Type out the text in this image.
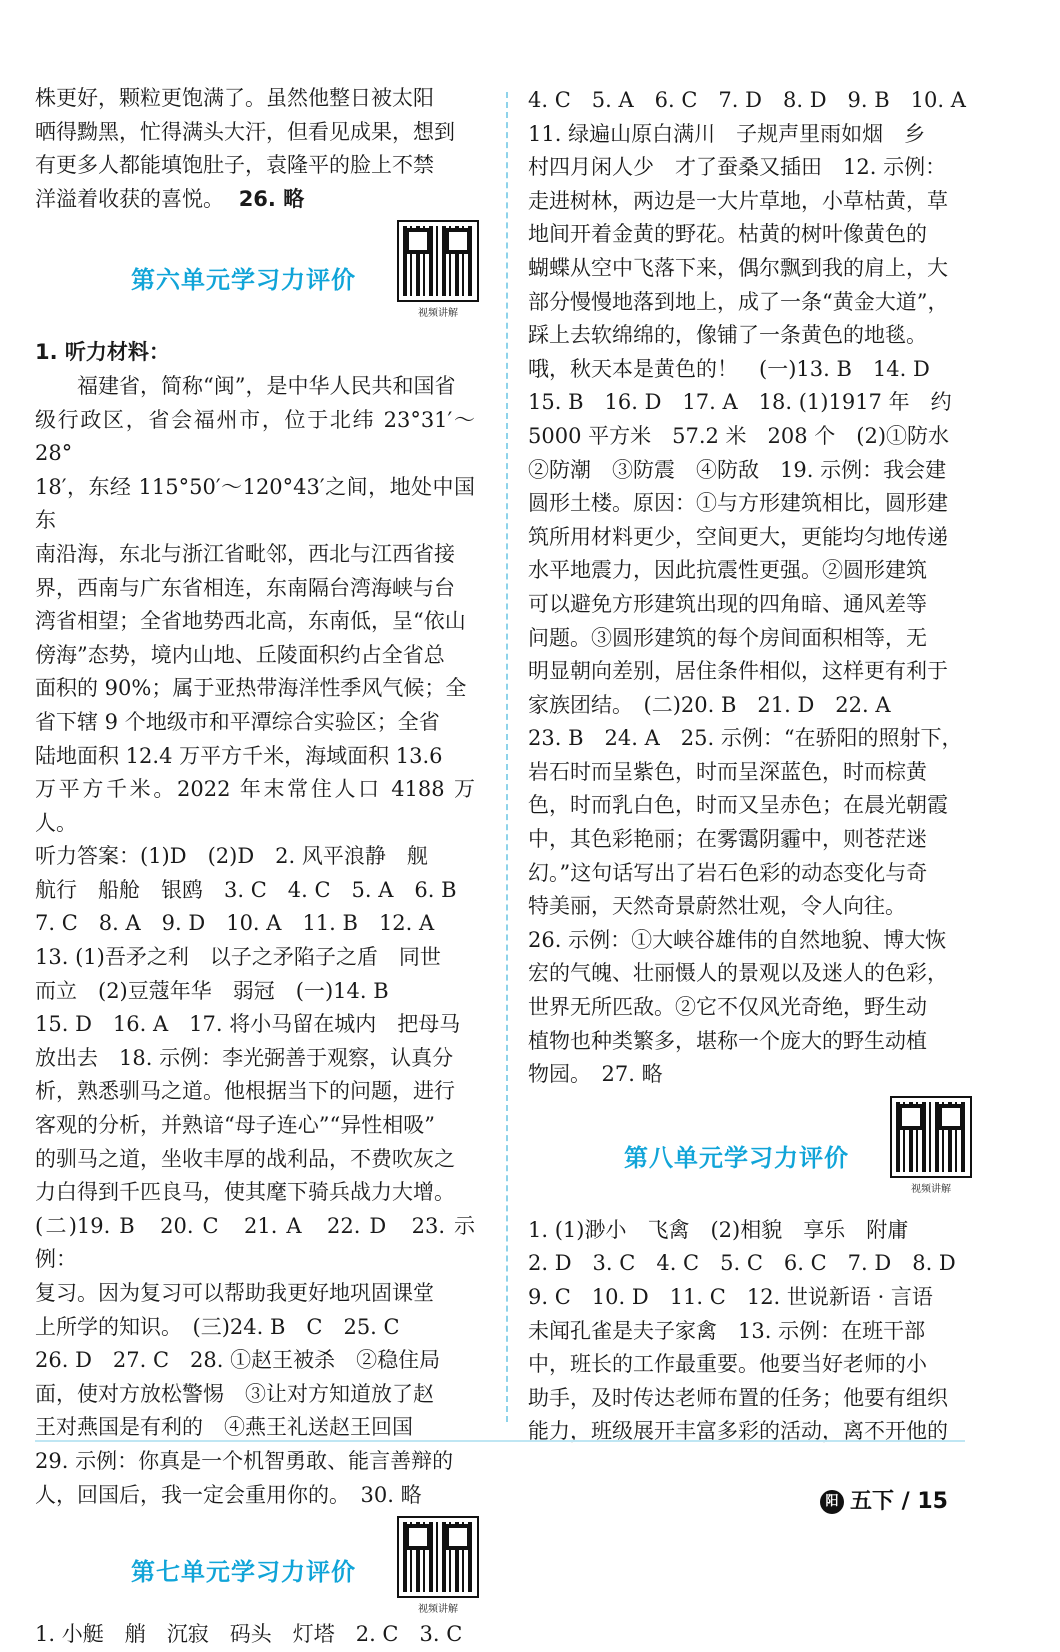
株更好，颗粒更饱满了。虽然他整日被太阳
晒得黝黑，忙得满头大汗，但看见成果，想到
有更多人都能填饱肚子，袁隆平的脸上不禁
洋溢着收获的喜悦。 26. 略
第六单元学习力评价
视频讲解
1. 听力材料：
福建省，简称“闽”，是中华人民共和国省
级行政区，省会福州市，位于北纬 23°31′～28°
18′，东经 115°50′～120°43′之间，地处中国东
南沿海，东北与浙江省毗邻，西北与江西省接
界，西南与广东省相连，东南隔台湾海峡与台
湾省相望；全省地势西北高，东南低，呈“依山
傍海”态势，境内山地、丘陵面积约占全省总
面积的 90%；属于亚热带海洋性季风气候；全
省下辖 9 个地级市和平潭综合实验区；全省
陆地面积 12.4 万平方千米，海域面积 13.6
万平方千米。2022 年末常住人口 4188 万人。
听力答案：(1)D　(2)D　2. 风平浪静　舰
航行　船舱　银鸥　3. C　4. C　5. A　6. B
7. C　8. A　9. D　10. A　11. B　12. A
13. (1)吾矛之利　以子之矛陷子之盾　同世
而立　(2)豆蔻年华　弱冠　(一)14. B
15. D　16. A　17. 将小马留在城内　把母马
放出去　18. 示例：李光弼善于观察，认真分
析，熟悉驯马之道。他根据当下的问题，进行
客观的分析，并熟谙“母子连心”“异性相吸”
的驯马之道，坐收丰厚的战利品，不费吹灰之
力白得到千匹良马，使其麾下骑兵战力大增。
(二)19. B　20. C　21. A　22. D　23. 示例：
复习。因为复习可以帮助我更好地巩固课堂
上所学的知识。　(三)24. B　C　25. C
26. D　27. C　28. ①赵王被杀　②稳住局
面，使对方放松警惕　③让对方知道放了赵
王对燕国是有利的　④燕王礼送赵王回国
29. 示例：你真是一个机智勇敢、能言善辩的
人，回国后，我一定会重用你的。　30. 略
第七单元学习力评价
视频讲解
1. 小艇　艄　沉寂　码头　灯塔　2. C　3. C
4. C　5. A　6. C　7. D　8. D　9. B　10. A
11. 绿遍山原白满川　子规声里雨如烟　乡
村四月闲人少　才了蚕桑又插田　12. 示例：
走进树林，两边是一大片草地，小草枯黄，草
地间开着金黄的野花。枯黄的树叶像黄色的
蝴蝶从空中飞落下来，偶尔飘到我的肩上，大
部分慢慢地落到地上，成了一条“黄金大道”，
踩上去软绵绵的，像铺了一条黄色的地毯。
哦，秋天本是黄色的！　(一)13. B　14. D
15. B　16. D　17. A　18. (1)1917 年　约
5000 平方米　57.2 米　208 个　(2)①防水
②防潮　③防震　④防敌　19. 示例：我会建
圆形土楼。原因：①与方形建筑相比，圆形建
筑所用材料更少，空间更大，更能均匀地传递
水平地震力，因此抗震性更强。②圆形建筑
可以避免方形建筑出现的四角暗、通风差等
问题。③圆形建筑的每个房间面积相等，无
明显朝向差别，居住条件相似，这样更有利于
家族团结。　(二)20. B　21. D　22. A
23. B　24. A　25. 示例：“在骄阳的照射下，
岩石时而呈紫色，时而呈深蓝色，时而棕黄
色，时而乳白色，时而又呈赤色；在晨光朝霞
中，其色彩艳丽；在雾霭阴霾中，则苍茫迷
幻。”这句话写出了岩石色彩的动态变化与奇
特美丽，天然奇景蔚然壮观，令人向往。
26. 示例：①大峡谷雄伟的自然地貌、博大恢
宏的气魄、壮丽慑人的景观以及迷人的色彩，
世界无所匹敌。②它不仅风光奇绝，野生动
植物也种类繁多，堪称一个庞大的野生动植
物园。　27. 略
第八单元学习力评价
视频讲解
1. (1)渺小　飞禽　(2)相貌　享乐　附庸
2. D　3. C　4. C　5. C　6. C　7. D　8. D
9. C　10. D　11. C　12. 世说新语 · 言语
未闻孔雀是夫子家禽　13. 示例：在班干部
中，班长的工作最重要。他要当好老师的小
助手，及时传达老师布置的任务；他要有组织
能力，班级展开丰富多彩的活动，离不开他的
阳 五下 / 15
